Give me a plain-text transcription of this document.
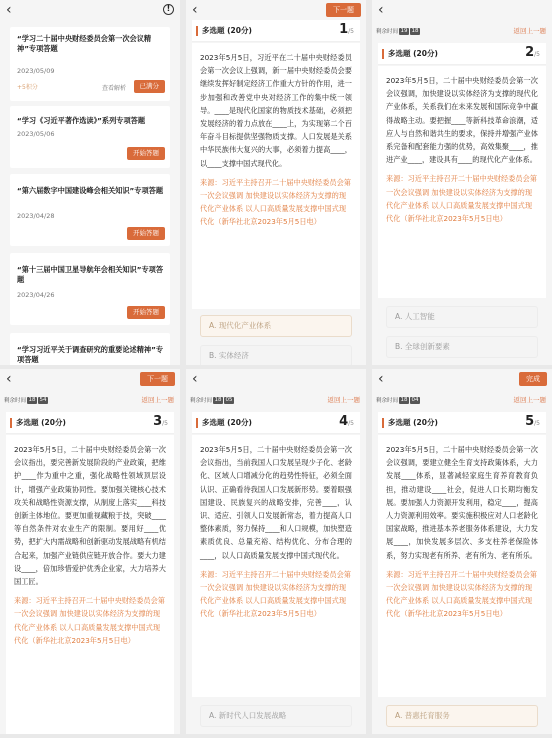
‹	!
“学习二十届中央财经委员会第一次会议精神”专项答题
2023/05/09
+5积分	查看解析	已满分
“学习《习近平著作选读》”系列专项答题
2023/05/06
开始答题
“第六届数字中国建设峰会相关知识”专项答题
2023/04/28
开始答题
“第十三届中国卫星导航年会相关知识”专项答题
2023/04/26
开始答题
“学习习近平关于调查研究的重要论述精神”专项答题
‹	下一题
多选题 (20分)	1/5
2023年5月5日，习近平在二十届中央财经委员会第一次会议上强调，新一届中央财经委员会要继续发挥好制定经济工作重大方针的作用，进一步加强和改善党中央对经济工作的集中统一领导。____是现代化国家的物质技术基础，必须把发展经济的着力点放在____上，为实现第二个百年奋斗目标提供坚强物质支撑。人口发展是关系中华民族伟大复兴的大事，必须着力提高____，以____支撑中国式现代化。
来源：习近平主持召开二十届中央财经委员会第一次会议强调 加快建设以实体经济为支撑的现代化产业体系 以人口高质量发展支撑中国式现代化（新华社北京2023年5月5日电）
A. 现代化产业体系
B. 实体经济
‹
剩余时间 19 18	返回上一题
多选题 (20分)	2/5
2023年5月5日，二十届中央财经委员会第一次会议强调，加快建设以实体经济为支撑的现代化产业体系，关系我们在未来发展和国际竞争中赢得战略主动。要把握____等新科技革命浪潮，适应人与自然和谐共生的要求，保持并增强产业体系完备和配套能力强的优势，高效集聚____，推进产业____，建设具有____的现代化产业体系。
来源：习近平主持召开二十届中央财经委员会第一次会议强调 加快建设以实体经济为支撑的现代化产业体系 以人口高质量发展支撑中国式现代化（新华社北京2023年5月5日电）
A. 人工智能
B. 全球创新要素
‹	下一题
剩余时间 18 54	返回上一题
多选题 (20分)	3/5
2023年5月5日，二十届中央财经委员会第一次会议指出，要完善新发展阶段的产业政策，把维护____作为重中之重，强化战略性领域顶层设计，增强产业政策协同性。要加强关键核心技术攻关和战略性资源支撑，从制度上落实____科技创新主体地位。要更加重视藏粮于技，突破____等自然条件对农业生产的限制。要用好____优势，把扩大内需战略和创新驱动发展战略有机结合起来，加强产业链供应链开放合作。要大力建设____，倍加珍惜爱护优秀企业家，大力培养大国工匠。
来源：习近平主持召开二十届中央财经委员会第一次会议强调 加快建设以实体经济为支撑的现代化产业体系 以人口高质量发展支撑中国式现代化（新华社北京2023年5月5日电）
‹
剩余时间 18 05	返回上一题
多选题 (20分)	4/5
2023年5月5日，二十届中央财经委员会第一次会议指出，当前我国人口发展呈现少子化、老龄化、区域人口增减分化的趋势性特征，必须全面认识、正确看待我国人口发展新形势。要着眼强国建设、民族复兴的战略安排，完善____，认识、适应、引领人口发展新常态，着力提高人口整体素质，努力保持____和人口规模，加快塑造素质优良、总量充裕、结构优化、分布合理的____，以人口高质量发展支撑中国式现代化。
来源：习近平主持召开二十届中央财经委员会第一次会议强调 加快建设以实体经济为支撑的现代化产业体系 以人口高质量发展支撑中国式现代化（新华社北京2023年5月5日电）
A. 新时代人口发展战略
‹	完成
剩余时间 18 04	返回上一题
多选题 (20分)	5/5
2023年5月5日，二十届中央财经委员会第一次会议强调，要建立健全生育支持政策体系，大力发展____体系，显著减轻家庭生育养育教育负担，推动建设____社会，促进人口长期均衡发展。要加强人力资源开发利用，稳定____，提高人力资源利用效率。要实施积极应对人口老龄化国家战略，推进基本养老服务体系建设，大力发展____，加快发展多层次、多支柱养老保险体系，努力实现老有所养、老有所为、老有所乐。
来源：习近平主持召开二十届中央财经委员会第一次会议强调 加快建设以实体经济为支撑的现代化产业体系 以人口高质量发展支撑中国式现代化（新华社北京2023年5月5日电）
A. 普惠托育服务
